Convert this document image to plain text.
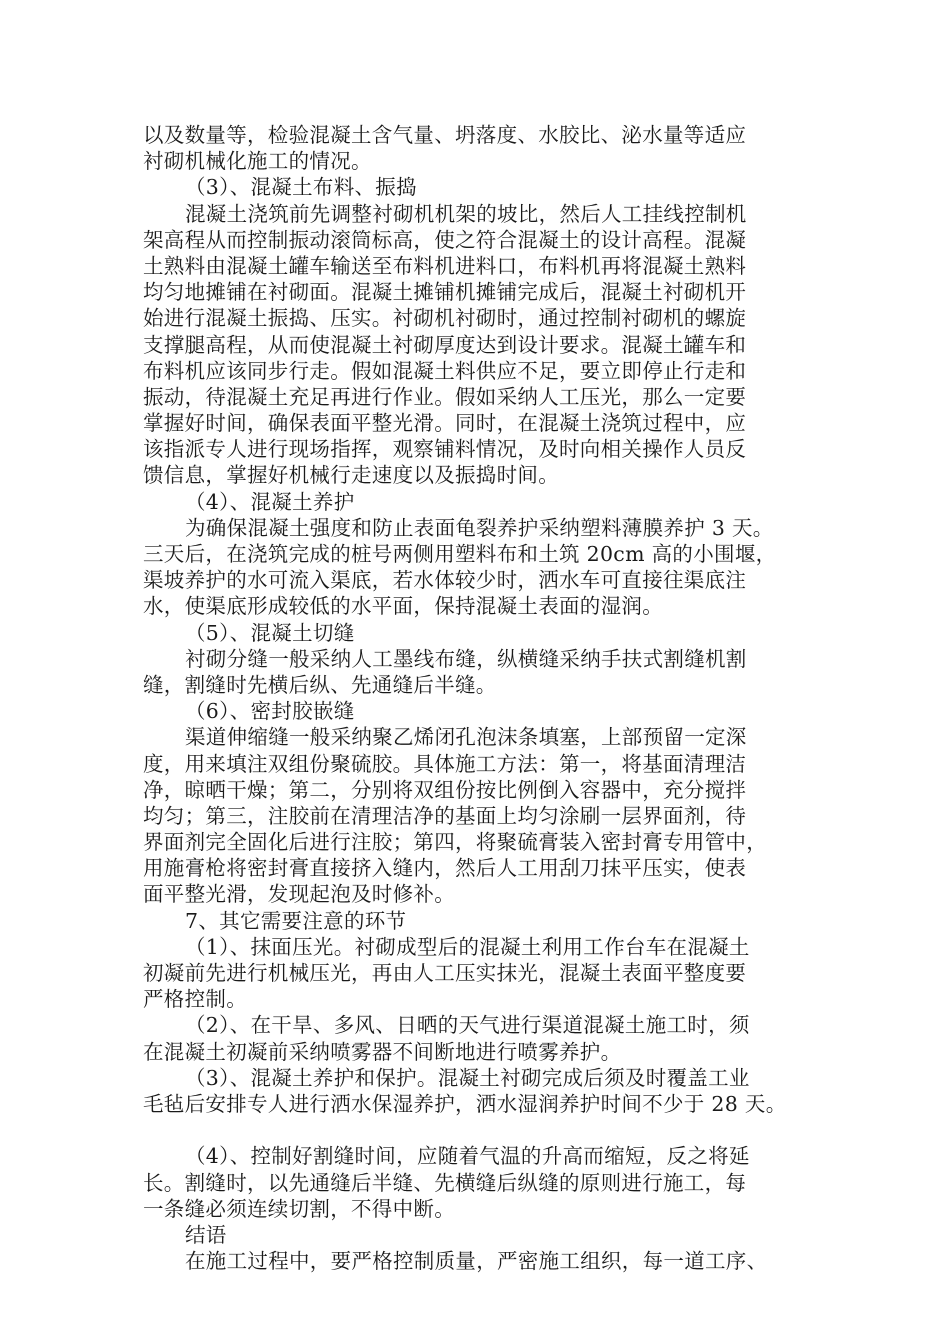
以及数量等，检验混凝土含气量、坍落度、水胶比、泌水量等适应
衬砌机械化施工的情况。
（3）、混凝土布料、振捣
混凝土浇筑前先调整衬砌机机架的坡比，然后人工挂线控制机
架高程从而控制振动滚筒标高，使之符合混凝土的设计高程。混凝
土熟料由混凝土罐车输送至布料机进料口，布料机再将混凝土熟料
均匀地摊铺在衬砌面。混凝土摊铺机摊铺完成后，混凝土衬砌机开
始进行混凝土振捣、压实。衬砌机衬砌时，通过控制衬砌机的螺旋
支撑腿高程，从而使混凝土衬砌厚度达到设计要求。混凝土罐车和
布料机应该同步行走。假如混凝土料供应不足，要立即停止行走和
振动，待混凝土充足再进行作业。假如采纳人工压光，那么一定要
掌握好时间，确保表面平整光滑。同时，在混凝土浇筑过程中，应
该指派专人进行现场指挥，观察铺料情况，及时向相关操作人员反
馈信息，掌握好机械行走速度以及振捣时间。
（4）、混凝土养护
为确保混凝土强度和防止表面龟裂养护采纳塑料薄膜养护 3 天。
三天后，在浇筑完成的桩号两侧用塑料布和土筑 20cm 高的小围堰，
渠坡养护的水可流入渠底，若水体较少时，洒水车可直接往渠底注
水，使渠底形成较低的水平面，保持混凝土表面的湿润。
（5）、混凝土切缝
衬砌分缝一般采纳人工墨线布缝，纵横缝采纳手扶式割缝机割
缝，割缝时先横后纵、先通缝后半缝。
（6）、密封胶嵌缝
渠道伸缩缝一般采纳聚乙烯闭孔泡沫条填塞，上部预留一定深
度，用来填注双组份聚硫胶。具体施工方法：第一，将基面清理洁
净，晾晒干燥；第二，分别将双组份按比例倒入容器中，充分搅拌
均匀；第三，注胶前在清理洁净的基面上均匀涂刷一层界面剂，待
界面剂完全固化后进行注胶；第四，将聚硫膏装入密封膏专用管中，
用施膏枪将密封膏直接挤入缝内，然后人工用刮刀抹平压实，使表
面平整光滑，发现起泡及时修补。
7、其它需要注意的环节
（1）、抹面压光。衬砌成型后的混凝土利用工作台车在混凝土
初凝前先进行机械压光，再由人工压实抹光，混凝土表面平整度要
严格控制。
（2）、在干旱、多风、日晒的天气进行渠道混凝土施工时，须
在混凝土初凝前采纳喷雾器不间断地进行喷雾养护。
（3）、混凝土养护和保护。混凝土衬砌完成后须及时覆盖工业
毛毡后安排专人进行洒水保湿养护，洒水湿润养护时间不少于 28 天。
（4）、控制好割缝时间，应随着气温的升高而缩短，反之将延
长。割缝时，以先通缝后半缝、先横缝后纵缝的原则进行施工，每
一条缝必须连续切割，不得中断。
结语
在施工过程中，要严格控制质量，严密施工组织，每一道工序、
